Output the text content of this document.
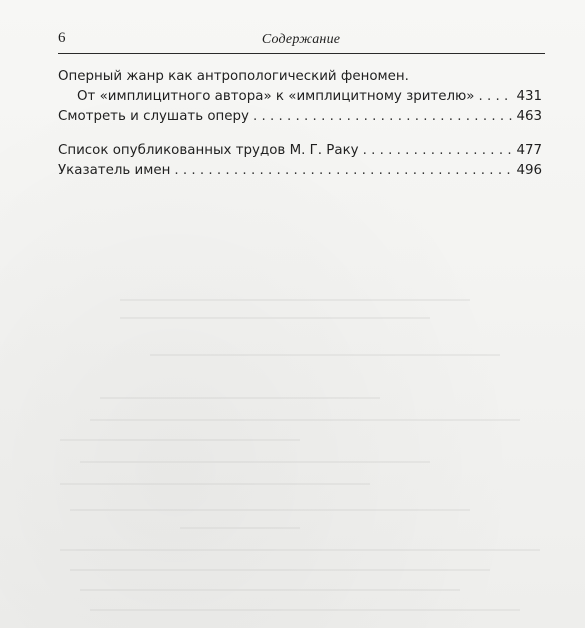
6	Содержание
Оперный жанр как антропологический феномен.
От «имплицитного автора» к «имплицитному зрителю» . . .	431
Смотреть и слушать оперу . . .	463
Список опубликованных трудов М. Г. Раку . . .	477
Указатель имен . . .	496
